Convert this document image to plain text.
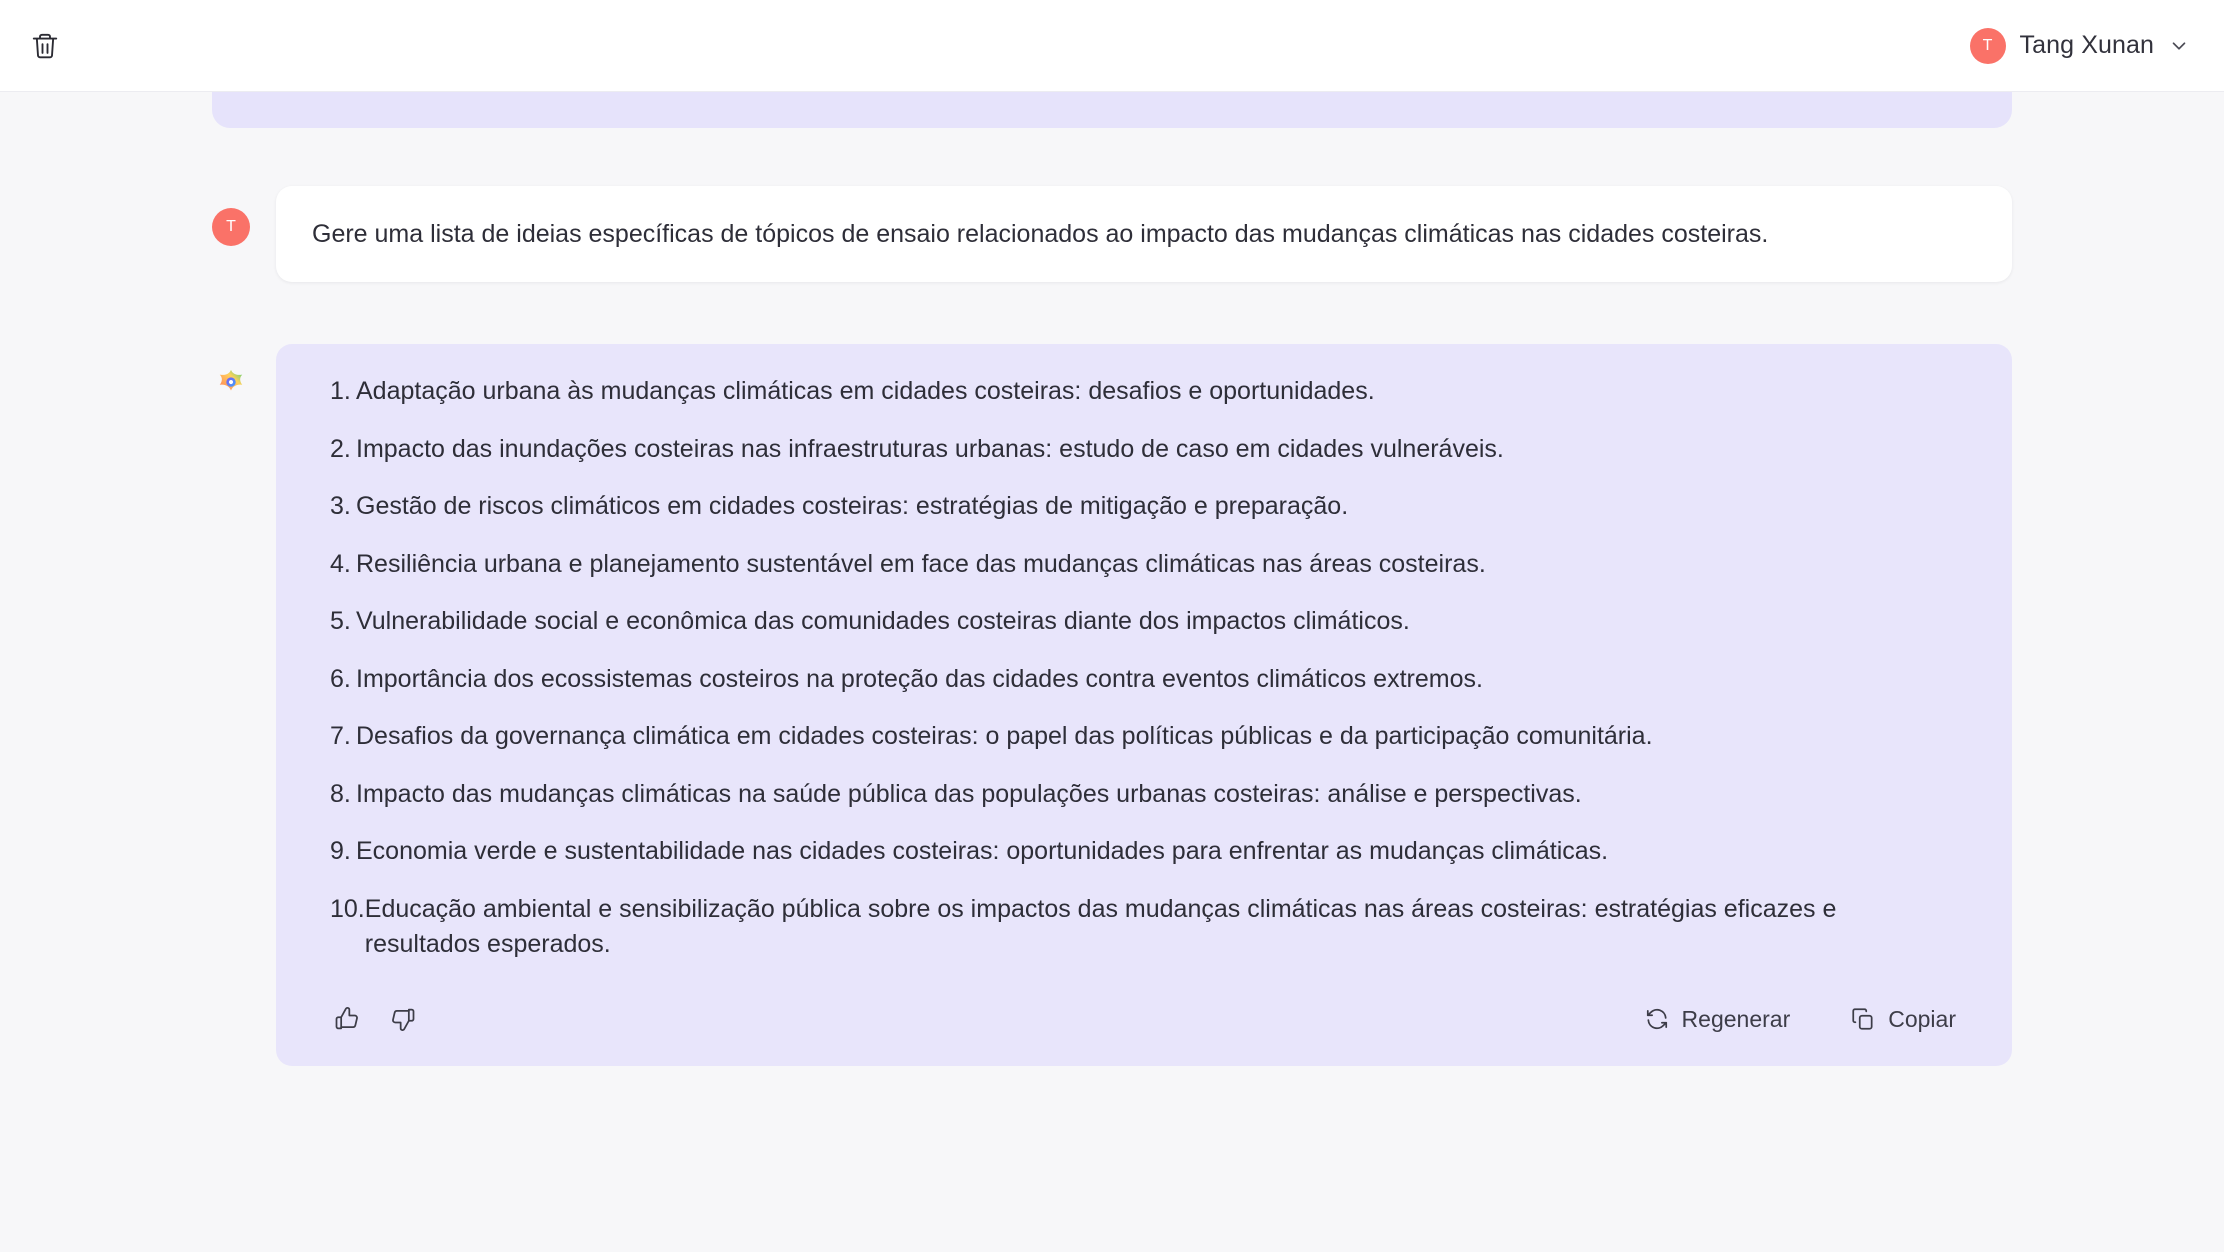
T	Tang Xunan
T	Gere uma lista de ideias específicas de tópicos de ensaio relacionados ao impacto das mudanças climáticas nas cidades costeiras.
1. Adaptação urbana às mudanças climáticas em cidades costeiras: desafios e oportunidades.
2. Impacto das inundações costeiras nas infraestruturas urbanas: estudo de caso em cidades vulneráveis.
3. Gestão de riscos climáticos em cidades costeiras: estratégias de mitigação e preparação.
4. Resiliência urbana e planejamento sustentável em face das mudanças climáticas nas áreas costeiras.
5. Vulnerabilidade social e econômica das comunidades costeiras diante dos impactos climáticos.
6. Importância dos ecossistemas costeiros na proteção das cidades contra eventos climáticos extremos.
7. Desafios da governança climática em cidades costeiras: o papel das políticas públicas e da participação comunitária.
8. Impacto das mudanças climáticas na saúde pública das populações urbanas costeiras: análise e perspectivas.
9. Economia verde e sustentabilidade nas cidades costeiras: oportunidades para enfrentar as mudanças climáticas.
10. Educação ambiental e sensibilização pública sobre os impactos das mudanças climáticas nas áreas costeiras: estratégias eficazes e resultados esperados.
Regenerar	Copiar
